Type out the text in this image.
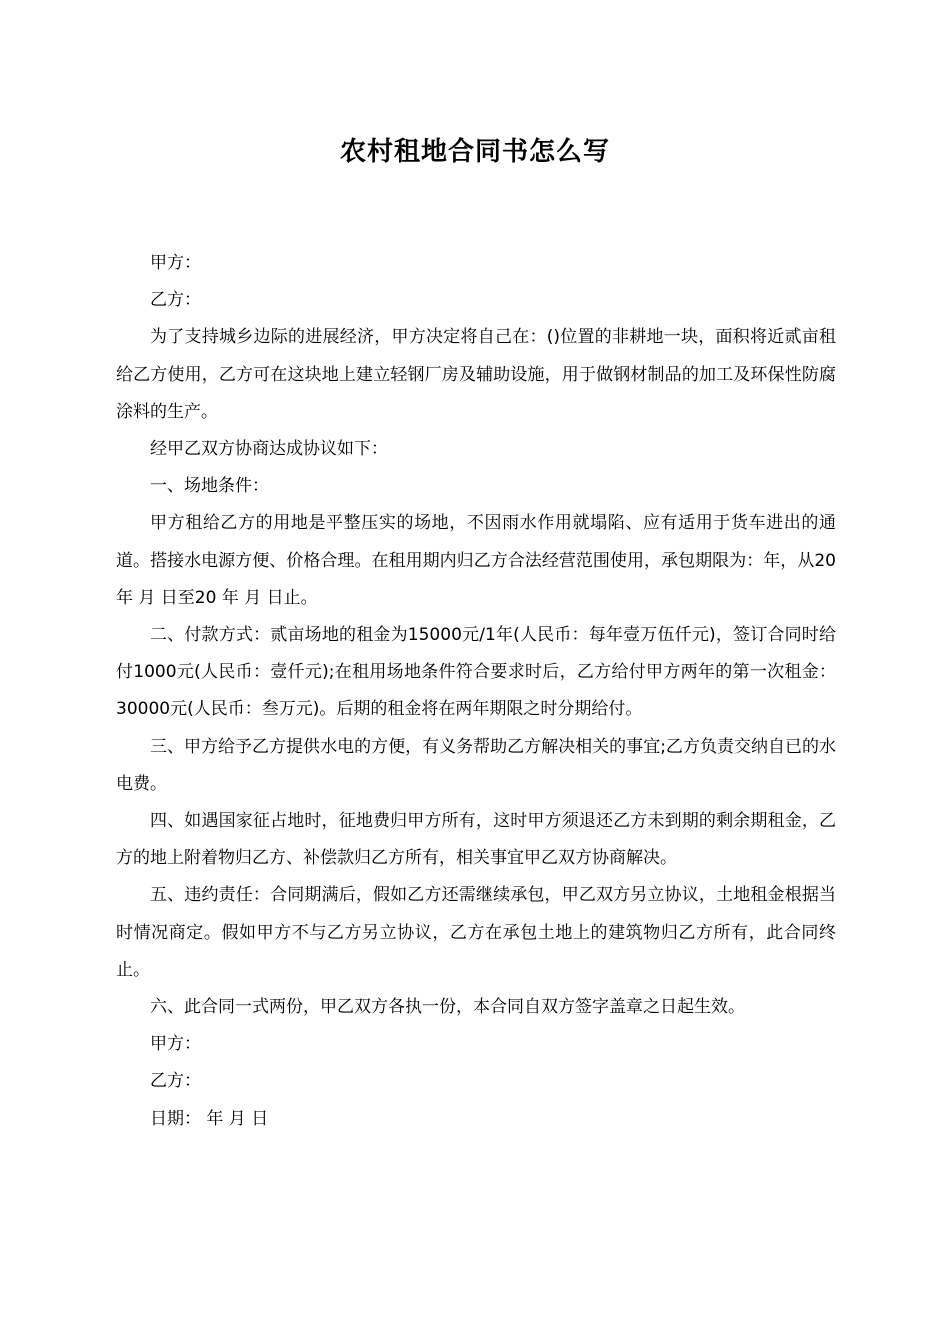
农村租地合同书怎么写

甲方：

乙方：

为了支持城乡边际的进展经济，甲方决定将自己在：()位置的非耕地一块，面积将近贰亩租给乙方使用，乙方可在这块地上建立轻钢厂房及辅助设施，用于做钢材制品的加工及环保性防腐涂料的生产。

经甲乙双方协商达成协议如下：

一、场地条件：

甲方租给乙方的用地是平整压实的场地，不因雨水作用就塌陷、应有适用于货车进出的通道。搭接水电源方便、价格合理。在租用期内归乙方合法经营范围使用，承包期限为：年，从20 年 月 日至20 年 月 日止。

二、付款方式：贰亩场地的租金为15000元/1年(人民币：每年壹万伍仟元)，签订合同时给付1000元(人民币：壹仟元);在租用场地条件符合要求时后，乙方给付甲方两年的第一次租金：30000元(人民币：叁万元)。后期的租金将在两年期限之时分期给付。

三、甲方给予乙方提供水电的方便，有义务帮助乙方解决相关的事宜;乙方负责交纳自已的水电费。

四、如遇国家征占地时，征地费归甲方所有，这时甲方须退还乙方未到期的剩余期租金，乙方的地上附着物归乙方、补偿款归乙方所有，相关事宜甲乙双方协商解决。

五、违约责任：合同期满后，假如乙方还需继续承包，甲乙双方另立协议，土地租金根据当时情况商定。假如甲方不与乙方另立协议，乙方在承包土地上的建筑物归乙方所有，此合同终止。

六、此合同一式两份，甲乙双方各执一份，本合同自双方签字盖章之日起生效。

甲方：

乙方：

日期： 年 月 日
